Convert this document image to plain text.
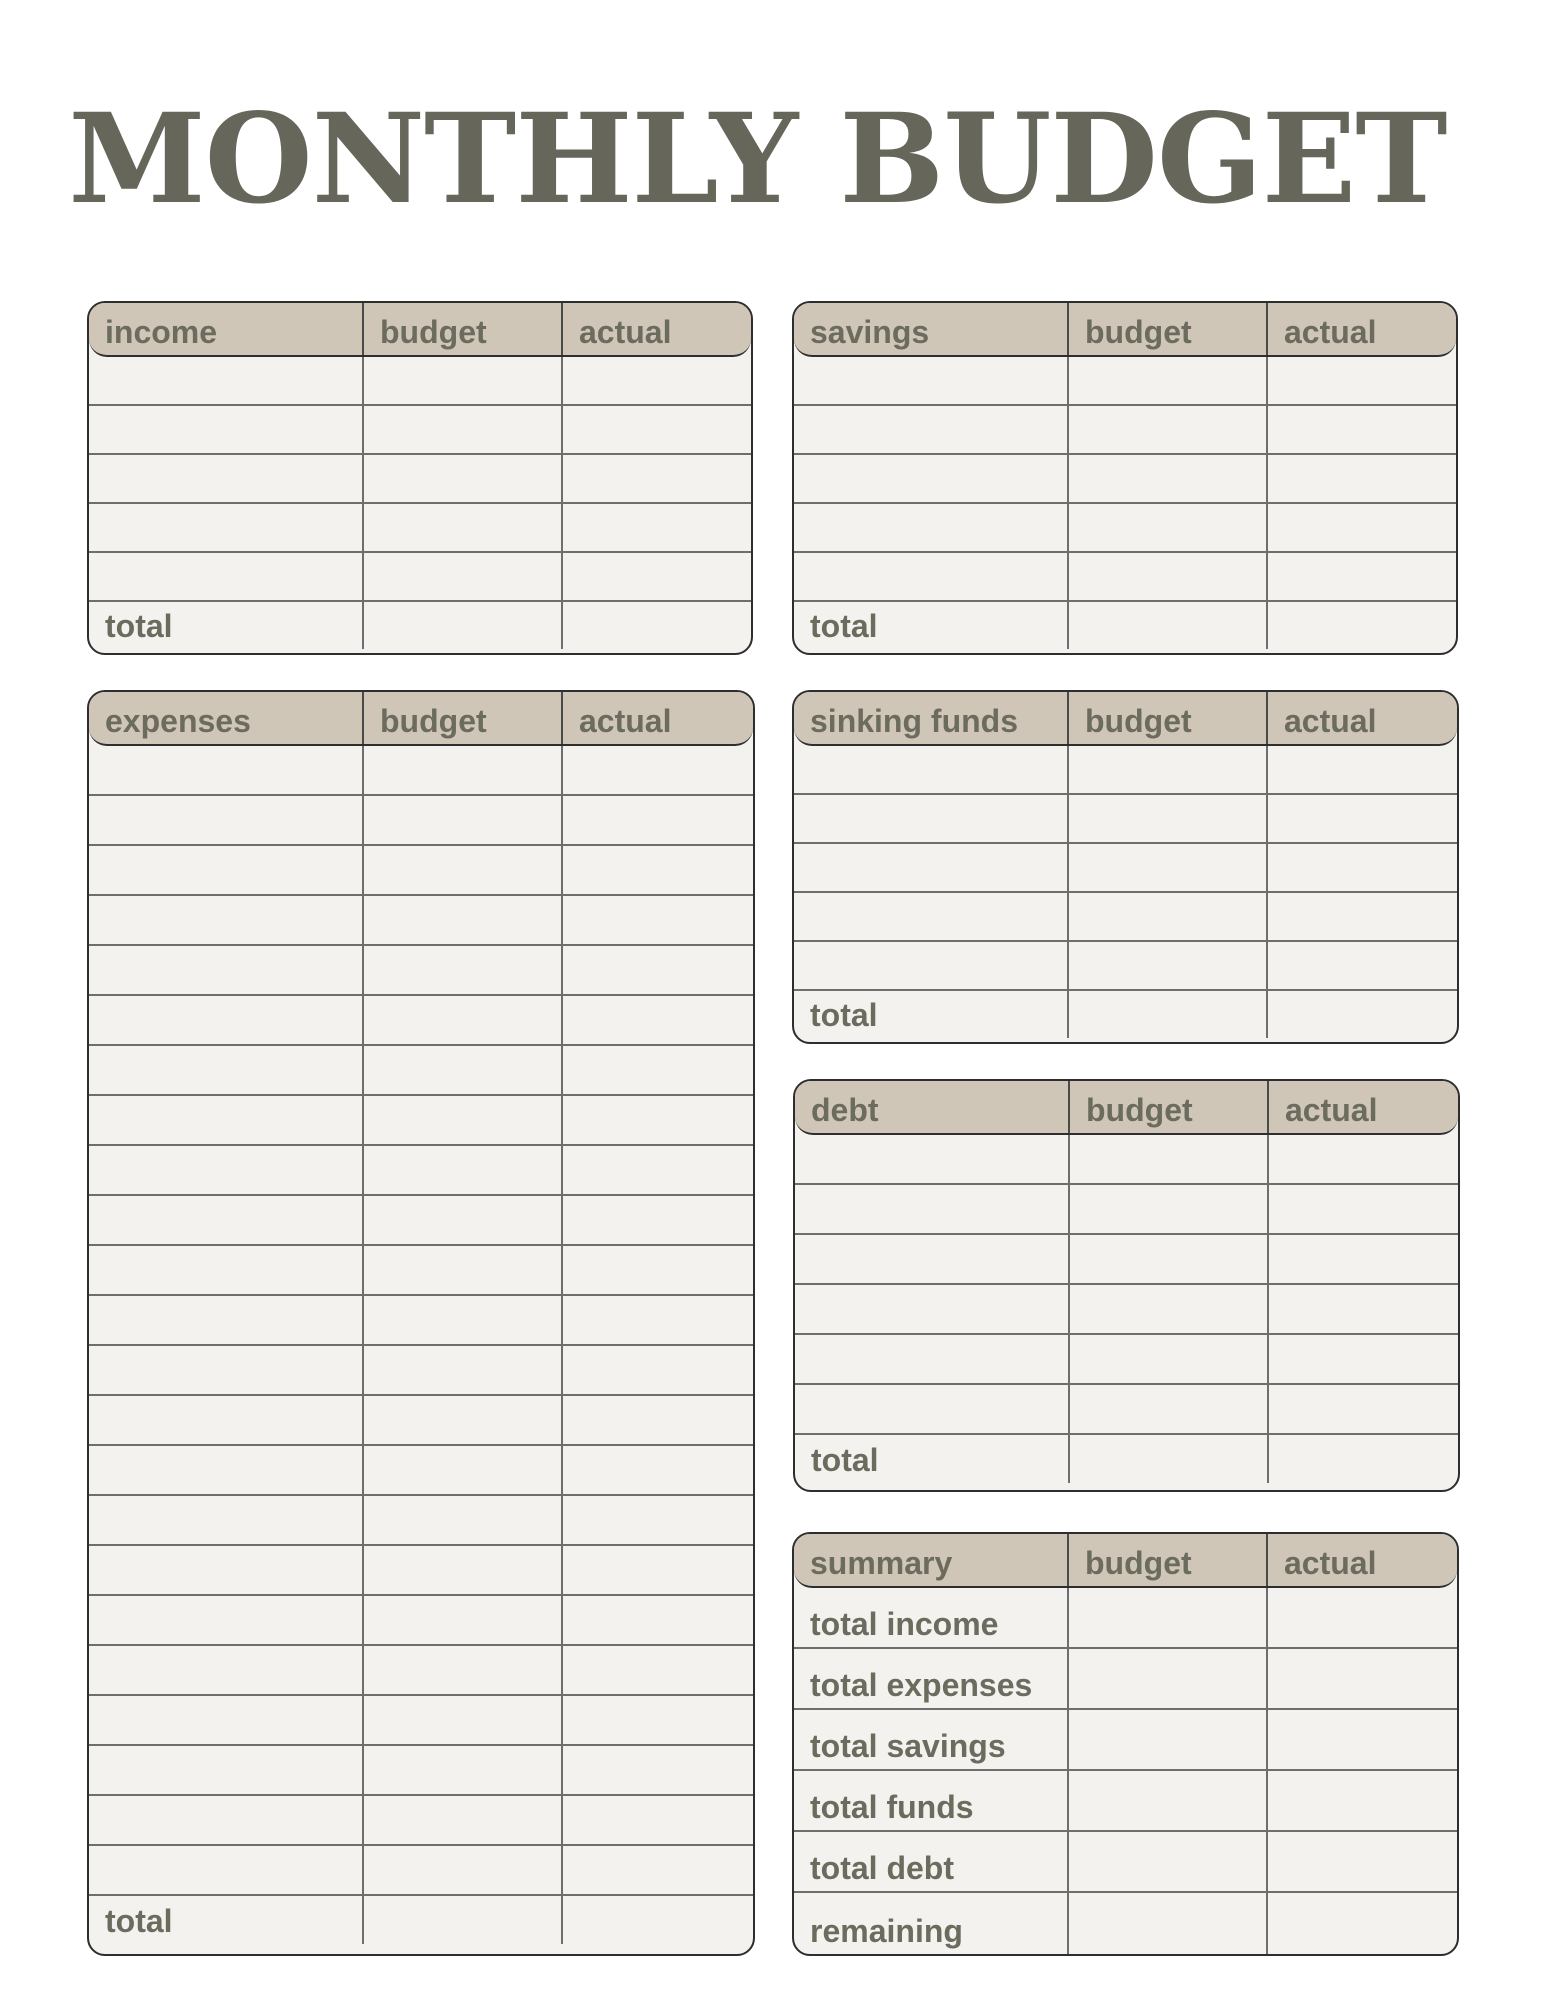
MONTHLY BUDGET
income	budget	actual
total
savings	budget	actual
total
expenses	budget	actual
total
sinking funds	budget	actual
total
debt	budget	actual
total
summary	budget	actual
total income
total expenses
total savings
total funds
total debt
remaining
